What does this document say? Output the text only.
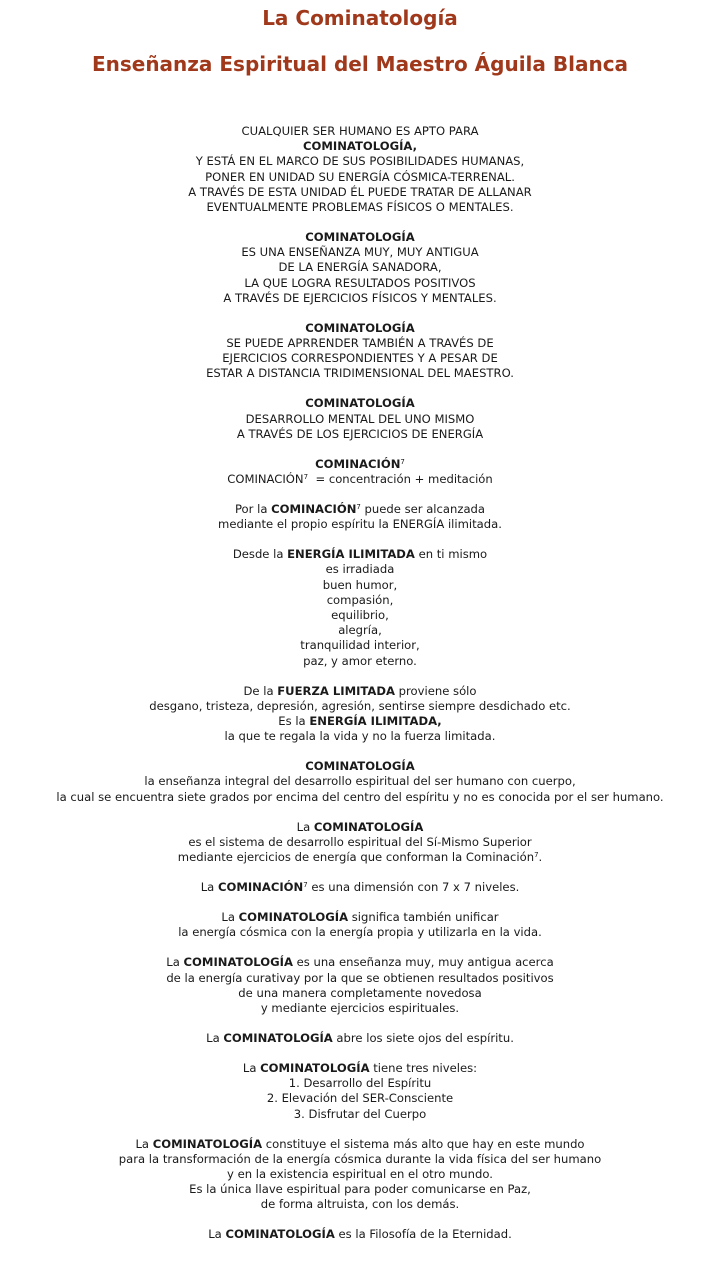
La Cominatología
Enseñanza Espiritual del Maestro Águila Blanca

CUALQUIER SER HUMANO ES APTO PARA
COMINATOLOGÍA,
Y ESTÁ EN EL MARCO DE SUS POSIBILIDADES HUMANAS,
PONER EN UNIDAD SU ENERGÍA CÓSMICA-TERRENAL.
A TRAVÉS DE ESTA UNIDAD ÉL PUEDE TRATAR DE ALLANAR
EVENTUALMENTE PROBLEMAS FÍSICOS O MENTALES.

COMINATOLOGÍA
ES UNA ENSEÑANZA MUY, MUY ANTIGUA
DE LA ENERGÍA SANADORA,
LA QUE LOGRA RESULTADOS POSITIVOS
A TRAVÉS DE EJERCICIOS FÍSICOS Y MENTALES.

COMINATOLOGÍA
SE PUEDE APRRENDER TAMBIÉN A TRAVÉS DE
EJERCICIOS CORRESPONDIENTES Y A PESAR DE
ESTAR A DISTANCIA TRIDIMENSIONAL DEL MAESTRO.

COMINATOLOGÍA
DESARROLLO MENTAL DEL UNO MISMO
A TRAVÉS DE LOS EJERCICIOS DE ENERGÍA

COMINACIÓN$^7$
$COMINACIÓN^7$ = concentración + meditación

Por la COMINACIÓN$^7$ puede ser alcanzada
mediante el propio espíritu la ENERGÍA ilimitada.

Desde la ENERGÍA ILIMITADA en ti mismo
es irradiada
buen humor,
compasión,
equilibrio,
alegría,
tranquilidad interior,
paz, y amor eterno.

De la FUERZA LIMITADA proviene sólo
desgano, tristeza, depresión, agresión, sentirse siempre desdichado etc.
Es la ENERGÍA ILIMITADA,
la que te regala la vida y no la fuerza limitada.

COMINATOLOGÍA
la enseñanza integral del desarrollo espiritual del ser humano con cuerpo,
la cual se encuentra siete grados por encima del centro del espíritu y no es conocida por el ser humano.

La COMINATOLOGÍA
es el sistema de desarrollo espiritual del Sí-Mismo Superior
mediante ejercicios de energía que conforman la Cominación$^7$.

La COMINACIÓN$^7$ es una dimensión con 7 x 7 niveles.

La COMINATOLOGÍA significa también unificar
la energía cósmica con la energía propia y utilizarla en la vida.

La COMINATOLOGÍA es una enseñanza muy, muy antigua acerca
de la energía curativay por la que se obtienen resultados positivos
de una manera completamente novedosa
y mediante ejercicios espirituales.

La COMINATOLOGÍA abre los siete ojos del espíritu.

La COMINATOLOGÍA tiene tres niveles:
1. Desarrollo del Espíritu
2. Elevación del SER-Consciente
3. Disfrutar del Cuerpo

La COMINATOLOGÍA constituye el sistema más alto que hay en este mundo
para la transformación de la energía cósmica durante la vida física del ser humano
y en la existencia espiritual en el otro mundo.
Es la única llave espiritual para poder comunicarse en Paz,
de forma altruista, con los demás.

La COMINATOLOGÍA es la Filosofía de la Eternidad.
